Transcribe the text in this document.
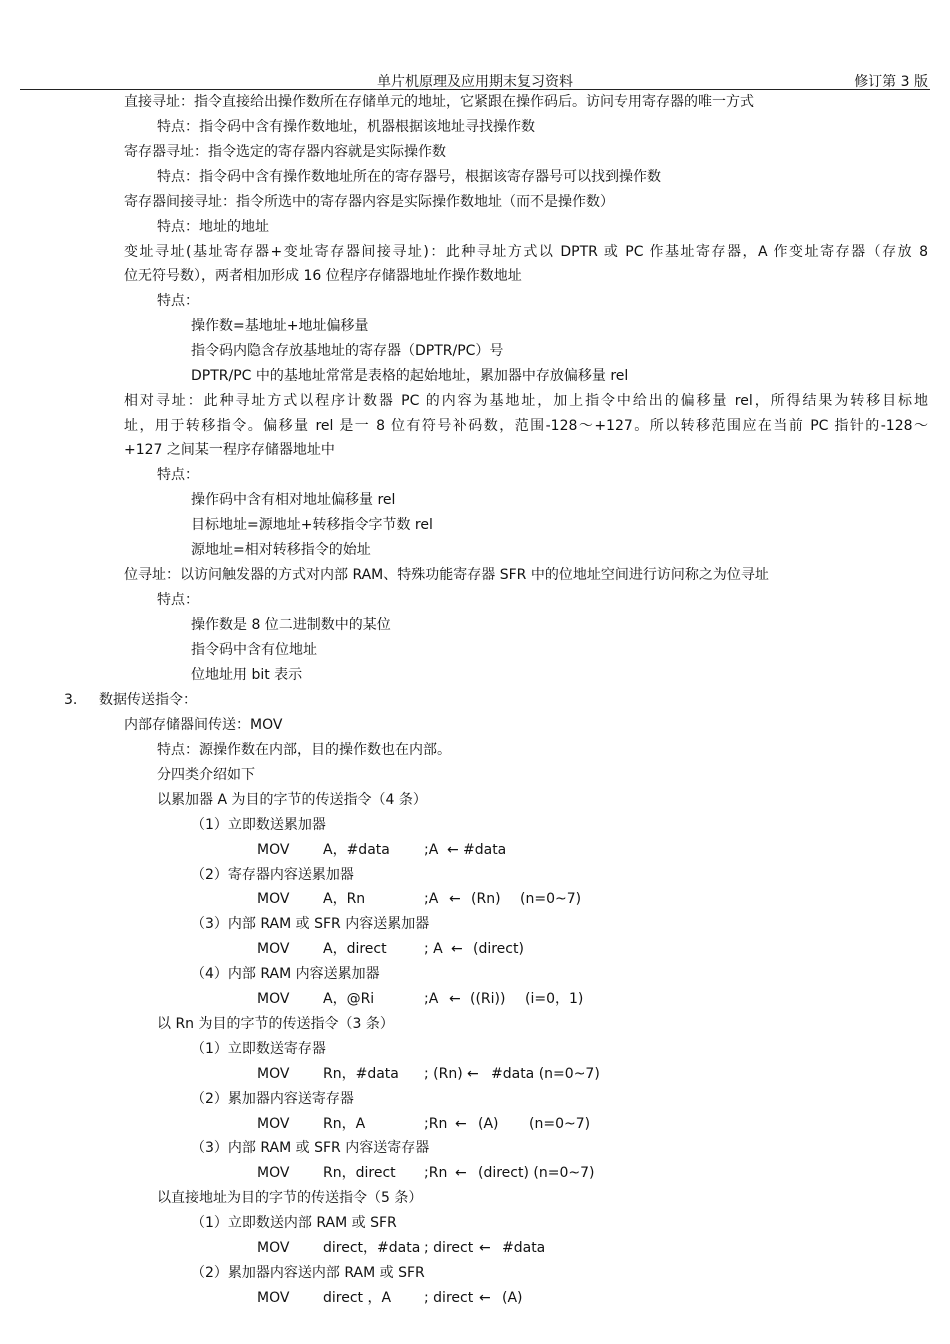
单片机原理及应用期末复习资料	修订第 3 版
直接寻址：指令直接给出操作数所在存储单元的地址，它紧跟在操作码后。访问专用寄存器的唯一方式
特点：指令码中含有操作数地址，机器根据该地址寻找操作数
寄存器寻址：指令选定的寄存器内容就是实际操作数
特点：指令码中含有操作数地址所在的寄存器号，根据该寄存器号可以找到操作数
寄存器间接寻址：指令所选中的寄存器内容是实际操作数地址（而不是操作数）
特点：地址的地址
变址寻址(基址寄存器+变址寄存器间接寻址)：此种寻址方式以 DPTR 或 PC 作基址寄存器，A 作变址寄存器（存放 8
位无符号数），两者相加形成 16 位程序存储器地址作操作数地址
特点：
操作数=基地址+地址偏移量
指令码内隐含存放基地址的寄存器（DPTR/PC）号
DPTR/PC 中的基地址常常是表格的起始地址，累加器中存放偏移量 rel
相对寻址：此种寻址方式以程序计数器 PC 的内容为基地址，加上指令中给出的偏移量 rel，所得结果为转移目标地
址，用于转移指令。偏移量 rel 是一 8 位有符号补码数，范围-128～+127。所以转移范围应在当前 PC 指针的-128～
+127 之间某一程序存储器地址中
特点：
操作码中含有相对地址偏移量 rel
目标地址=源地址+转移指令字节数 rel
源地址=相对转移指令的始址
位寻址：以访问触发器的方式对内部 RAM、特殊功能寄存器 SFR 中的位地址空间进行访问称之为位寻址
特点：
操作数是 8 位二进制数中的某位
指令码中含有位地址
位地址用 bit 表示
3. 数据传送指令：
内部存储器间传送：MOV
特点：源操作数在内部，目的操作数也在内部。
分四类介绍如下
以累加器 A 为目的字节的传送指令（4 条）
（1）立即数送累加器
MOV A，#data ;A ← #data
（2）寄存器内容送累加器
MOV A，Rn	;A ← (Rn) (n=0~7)
（3）内部 RAM 或 SFR 内容送累加器
MOV A，direct	; A ← (direct)
（4）内部 RAM 内容送累加器
MOV A，@Ri	;A ← ((Ri)) (i=0，1)
以 Rn 为目的字节的传送指令（3 条）
（1）立即数送寄存器
MOV Rn，#data ; (Rn) ← #data (n=0~7)
（2）累加器内容送寄存器
MOV Rn，A	;Rn ← (A) (n=0~7)
（3）内部 RAM 或 SFR 内容送寄存器
MOV Rn，direct ;Rn ← (direct) (n=0~7)
以直接地址为目的字节的传送指令（5 条）
（1）立即数送内部 RAM 或 SFR
MOV direct，#data ; direct ← #data
（2）累加器内容送内部 RAM 或 SFR
MOV direct ，A ; direct ← (A)
